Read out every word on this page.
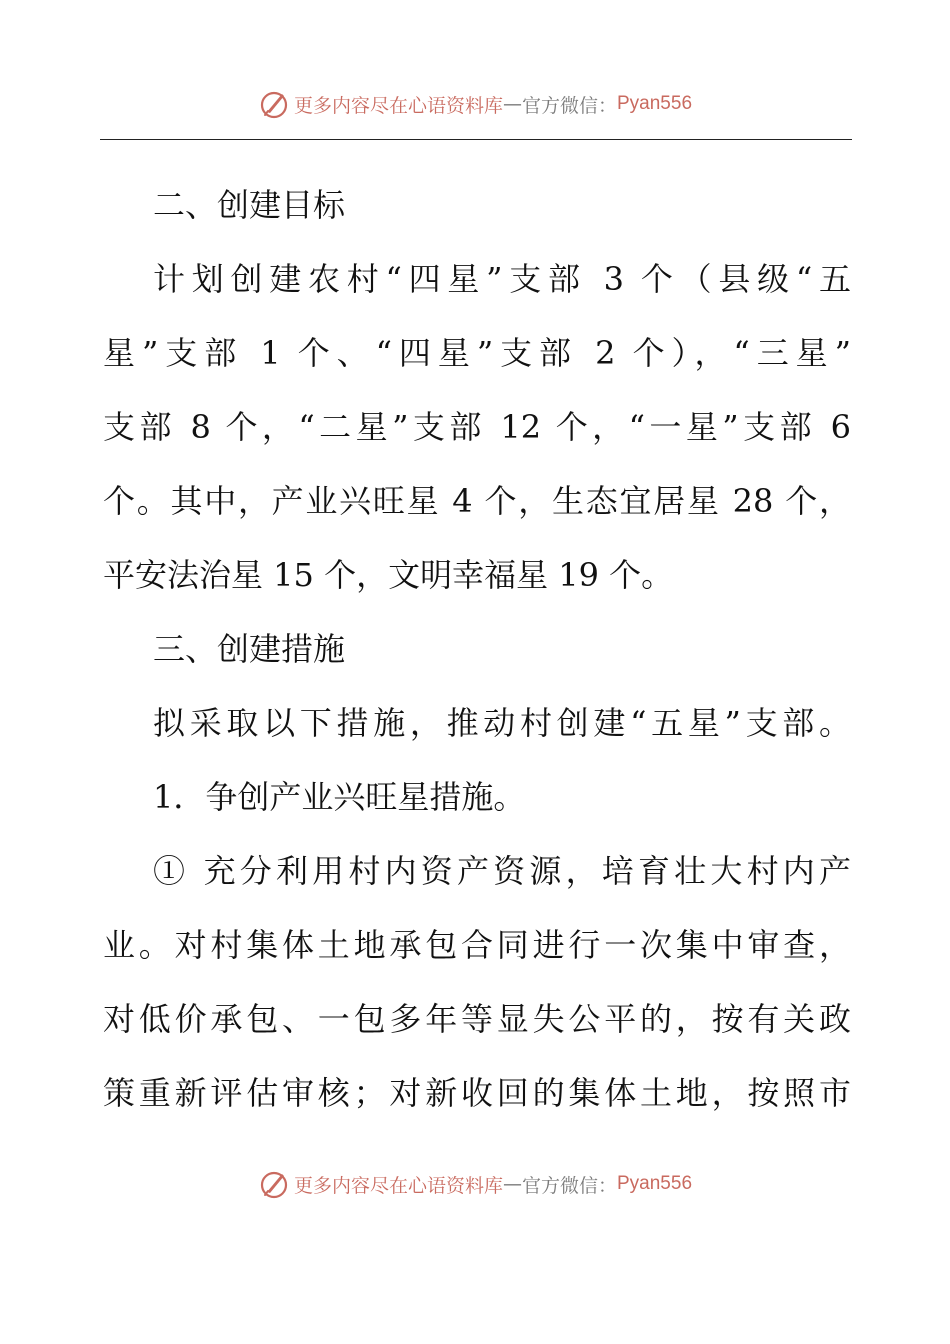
更多内容尽在心语资料库 — 官方微信： Pyan556
二、创建目标
计划创建农村“四星”支部 3 个（县级“五
星”支部 1 个、“四星”支部 2 个），“三星”
支部 8 个，“二星”支部 12 个，“一星”支部 6
个。其中，产业兴旺星 4 个，生态宜居星 28 个，
平安法治星 15 个，文明幸福星 19 个。
三、创建措施
拟采取以下措施，推动村创建“五星”支部。
1．争创产业兴旺星措施。
① 充分利用村内资产资源，培育壮大村内产
业。对村集体土地承包合同进行一次集中审查，
对低价承包、一包多年等显失公平的，按有关政
策重新评估审核；对新收回的集体土地，按照市
更多内容尽在心语资料库 — 官方微信： Pyan556
